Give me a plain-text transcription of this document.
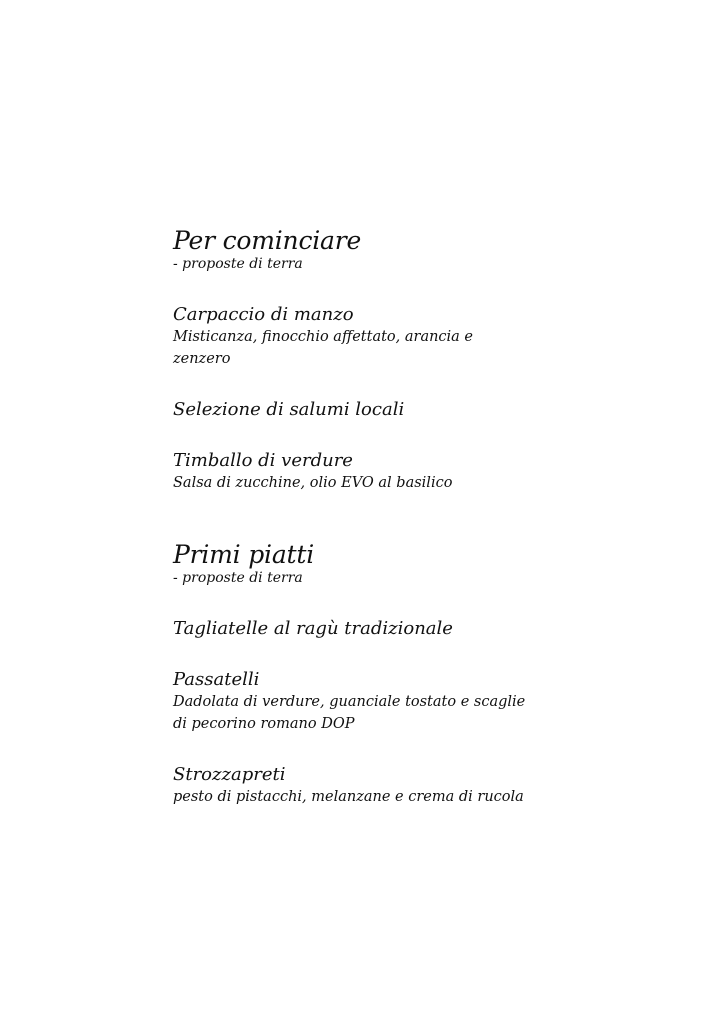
Per cominciare
- proposte di terra
Carpaccio di manzo
Misticanza, finocchio affettato, arancia e zenzero
Selezione di salumi locali
Timballo di verdure
Salsa di zucchine, olio EVO al basilico
Primi piatti
- proposte di terra
Tagliatelle al ragù tradizionale
Passatelli
Dadolata di verdure, guanciale tostato e scaglie di pecorino romano DOP
Strozzapreti
pesto di pistacchi, melanzane e crema di rucola
